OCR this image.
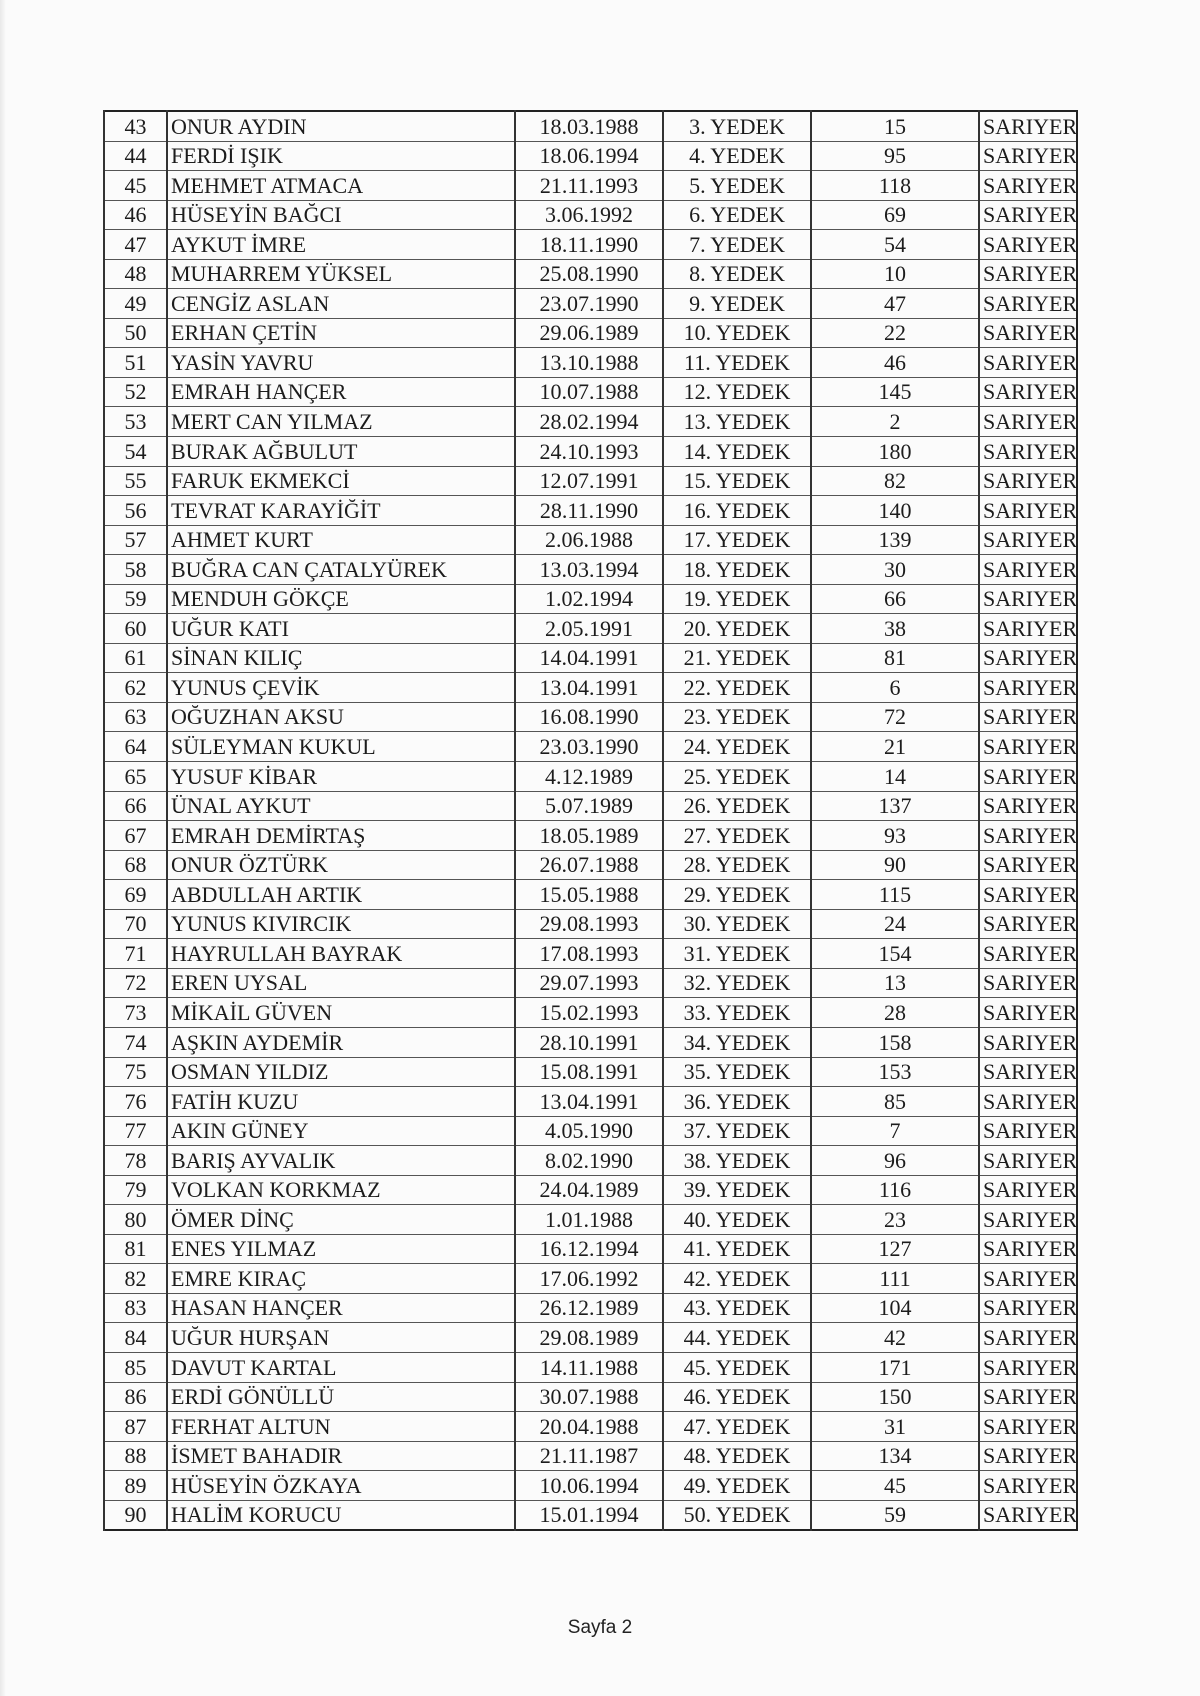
43	ONUR AYDIN	18.03.1988	3. YEDEK	15	SARIYER
44	FERDİ IŞIK	18.06.1994	4. YEDEK	95	SARIYER
45	MEHMET ATMACA	21.11.1993	5. YEDEK	118	SARIYER
46	HÜSEYİN BAĞCI	3.06.1992	6. YEDEK	69	SARIYER
47	AYKUT İMRE	18.11.1990	7. YEDEK	54	SARIYER
48	MUHARREM YÜKSEL	25.08.1990	8. YEDEK	10	SARIYER
49	CENGİZ ASLAN	23.07.1990	9. YEDEK	47	SARIYER
50	ERHAN ÇETİN	29.06.1989	10. YEDEK	22	SARIYER
51	YASİN YAVRU	13.10.1988	11. YEDEK	46	SARIYER
52	EMRAH HANÇER	10.07.1988	12. YEDEK	145	SARIYER
53	MERT CAN YILMAZ	28.02.1994	13. YEDEK	2	SARIYER
54	BURAK AĞBULUT	24.10.1993	14. YEDEK	180	SARIYER
55	FARUK EKMEKCİ	12.07.1991	15. YEDEK	82	SARIYER
56	TEVRAT KARAYİĞİT	28.11.1990	16. YEDEK	140	SARIYER
57	AHMET KURT	2.06.1988	17. YEDEK	139	SARIYER
58	BUĞRA CAN ÇATALYÜREK	13.03.1994	18. YEDEK	30	SARIYER
59	MENDUH GÖKÇE	1.02.1994	19. YEDEK	66	SARIYER
60	UĞUR KATI	2.05.1991	20. YEDEK	38	SARIYER
61	SİNAN KILIÇ	14.04.1991	21. YEDEK	81	SARIYER
62	YUNUS ÇEVİK	13.04.1991	22. YEDEK	6	SARIYER
63	OĞUZHAN AKSU	16.08.1990	23. YEDEK	72	SARIYER
64	SÜLEYMAN KUKUL	23.03.1990	24. YEDEK	21	SARIYER
65	YUSUF KİBAR	4.12.1989	25. YEDEK	14	SARIYER
66	ÜNAL AYKUT	5.07.1989	26. YEDEK	137	SARIYER
67	EMRAH DEMİRTAŞ	18.05.1989	27. YEDEK	93	SARIYER
68	ONUR ÖZTÜRK	26.07.1988	28. YEDEK	90	SARIYER
69	ABDULLAH ARTIK	15.05.1988	29. YEDEK	115	SARIYER
70	YUNUS KIVIRCIK	29.08.1993	30. YEDEK	24	SARIYER
71	HAYRULLAH BAYRAK	17.08.1993	31. YEDEK	154	SARIYER
72	EREN UYSAL	29.07.1993	32. YEDEK	13	SARIYER
73	MİKAİL GÜVEN	15.02.1993	33. YEDEK	28	SARIYER
74	AŞKIN AYDEMİR	28.10.1991	34. YEDEK	158	SARIYER
75	OSMAN YILDIZ	15.08.1991	35. YEDEK	153	SARIYER
76	FATİH KUZU	13.04.1991	36. YEDEK	85	SARIYER
77	AKIN GÜNEY	4.05.1990	37. YEDEK	7	SARIYER
78	BARIŞ AYVALIK	8.02.1990	38. YEDEK	96	SARIYER
79	VOLKAN KORKMAZ	24.04.1989	39. YEDEK	116	SARIYER
80	ÖMER DİNÇ	1.01.1988	40. YEDEK	23	SARIYER
81	ENES YILMAZ	16.12.1994	41. YEDEK	127	SARIYER
82	EMRE KIRAÇ	17.06.1992	42. YEDEK	111	SARIYER
83	HASAN HANÇER	26.12.1989	43. YEDEK	104	SARIYER
84	UĞUR HURŞAN	29.08.1989	44. YEDEK	42	SARIYER
85	DAVUT KARTAL	14.11.1988	45. YEDEK	171	SARIYER
86	ERDİ GÖNÜLLÜ	30.07.1988	46. YEDEK	150	SARIYER
87	FERHAT ALTUN	20.04.1988	47. YEDEK	31	SARIYER
88	İSMET BAHADIR	21.11.1987	48. YEDEK	134	SARIYER
89	HÜSEYİN ÖZKAYA	10.06.1994	49. YEDEK	45	SARIYER
90	HALİM KORUCU	15.01.1994	50. YEDEK	59	SARIYER
Sayfa 2
